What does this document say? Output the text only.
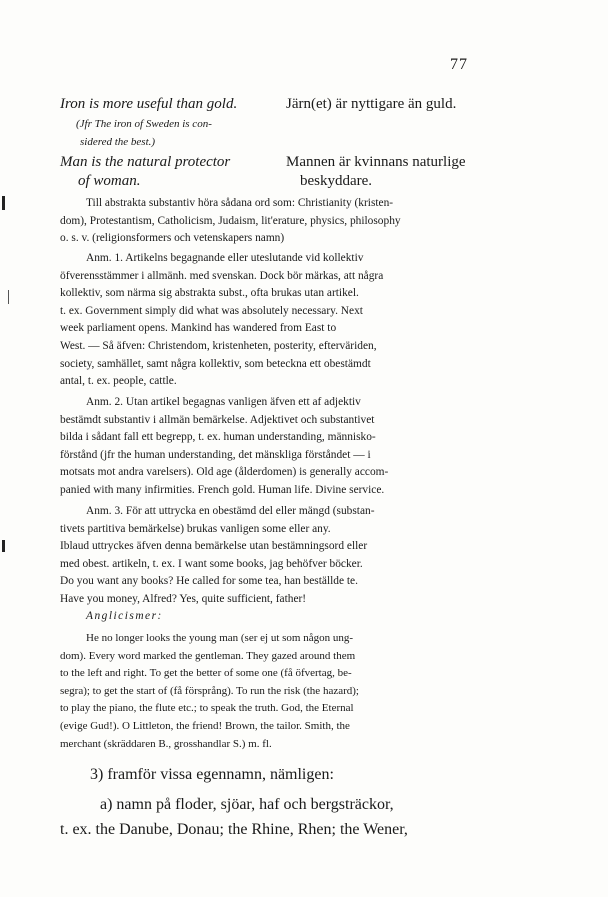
77
Iron is more useful than gold.	Järn(et) är nyttigare än guld.
(Jfr The iron of Sweden is con-
sidered the best.)
Man is the natural protector	Mannen är kvinnans naturlige
of woman.	beskyddare.
Till abstrakta substantiv höra sådana ord som: Christianity (kristen-
dom), Protestantism, Catholicism, Judaism, lit'erature, physics, philosophy
o. s. v. (religionsformers och vetenskapers namn)
Anm. 1. Artikelns begagnande eller uteslutande vid kollektiv
öfverensstämmer i allmänh. med svenskan. Dock bör märkas, att några
kollektiv, som närma sig abstrakta subst., ofta brukas utan artikel.
t. ex. Government simply did what was absolutely necessary. Next
week parliament opens. Mankind has wandered from East to
West. — Så äfven: Christendom, kristenheten, posterity, efterväriden,
society, samhället, samt några kollektiv, som beteckna ett obestämdt
antal, t. ex. people, cattle.
Anm. 2. Utan artikel begagnas vanligen äfven ett af adjektiv
bestämdt substantiv i allmän bemärkelse. Adjektivet och substantivet
bilda i sådant fall ett begrepp, t. ex. human understanding, människo-
förstånd (jfr the human understanding, det mänskliga förståndet — i
motsats mot andra varelsers). Old age (ålderdomen) is generally accom-
panied with many infirmities. French gold. Human life. Divine service.
Anm. 3. För att uttrycka en obestämd del eller mängd (substan-
tivets partitiva bemärkelse) brukas vanligen some eller any.
Iblaud uttryckes äfven denna bemärkelse utan bestämningsord eller
med obest. artikeln, t. ex. I want some books, jag behöfver böcker.
Do you want any books? He called for some tea, han beställde te.
Have you money, Alfred? Yes, quite sufficient, father!
Anglicismer:
He no longer looks the young man (ser ej ut som någon ung-
dom). Every word marked the gentleman. They gazed around them
to the left and right. To get the better of some one (få öfvertag, be-
segra); to get the start of (få försprång). To run the risk (the hazard);
to play the piano, the flute etc.; to speak the truth. God, the Eternal
(evige Gud!). O Littleton, the friend! Brown, the tailor. Smith, the
merchant (skräddaren B., grosshandlar S.) m. fl.
3) framför vissa egennamn, nämligen:
a) namn på floder, sjöar, haf och bergsträckor,
t. ex. the Danube, Donau; the Rhine, Rhen; the Wener,
